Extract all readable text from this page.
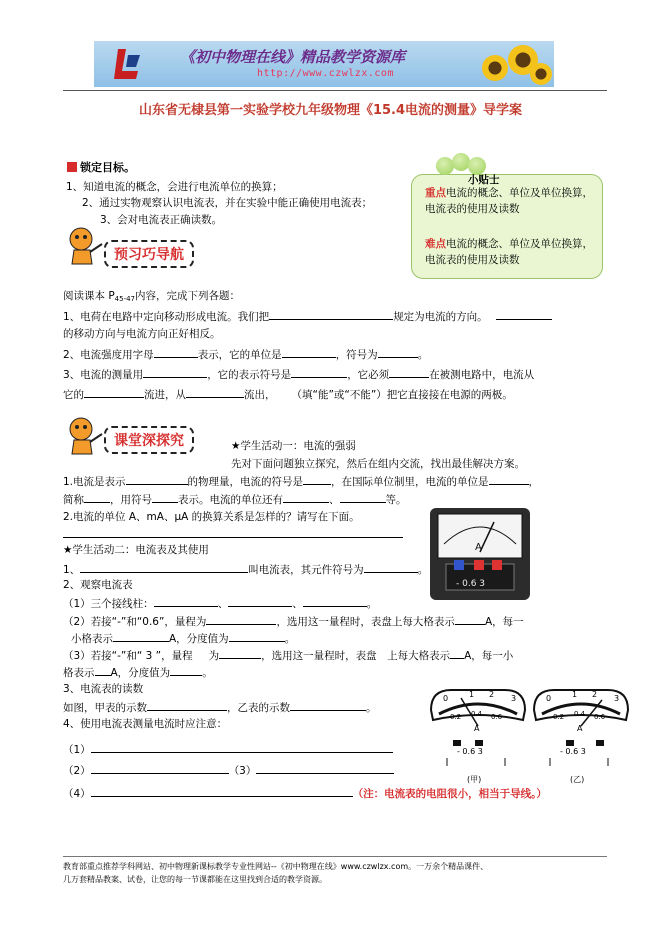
《初中物理在线》精品教学资源库
http://www.czwlzx.com
山东省无棣县第一实验学校九年级物理《15.4电流的测量》导学案
锁定目标。
1、知道电流的概念，会进行电流单位的换算；
2、通过实物观察认识电流表，并在实验中能正确使用电流表；
3、会对电流表正确读数。
小贴士
重点电流的概念、单位及单位换算，电流表的使用及读数
难点电流的概念、单位及单位换算，电流表的使用及读数
预习巧导航
阅读课本 $P_{45-47}$内容，完成下列各题：
1、电荷在电路中定向移动形成电流。我们把	规定为电流的方向。
的移动方向与电流方向正好相反。
2、电流强度用字母	表示，它的单位是	，符号为	。
3、电流的测量用	，它的表示符号是	，它必须	在被测电路中，电流从
它的	流进，从	流出， （填“能”或“不能”）把它直接接在电源的两极。
课堂深探究	★学生活动一：电流的强弱
先对下面问题独立探究，然后在组内交流，找出最佳解决方案。
1.电流是表示	的物理量，电流的符号是	，在国际单位制里，电流的单位是	，
简称 ，用符号 表示。电流的单位还有	、	等。
2.电流的单位 A、mA、μA 的换算关系是怎样的？请写在下面。
★学生活动二：电流表及其使用
1、	叫电流表，其元件符号为	。
2、观察电流表
（1）三个接线柱：	、	、	。
（2）若接“-”和“0.6”，量程为	，选用这一量程时，表盘上每大格表示	A，每一
小格表示	A，分度值为	。
（3）若接“-”和“ 3 ”，量程 为	，选用这一量程时，表盘　上每大格表示 A，每一小
格表示 A，分度值为	。
3、电流表的读数
如图，甲表的示数	，乙表的示数	。
4、使用电流表测量电流时应注意：
（1）
（2）	（3）
（4）	（注：电流表的电阻很小，相当于导线。）
A
- 0.6 3
0	1 2 3
0.2 0.4 0.6
A
- 0.6 3
(甲)
0	1 2 3
0.2 0.4 0.6
A
- 0.6 3
(乙)
教育部重点推荐学科网站、初中物理新课标教学专业性网站--《初中物理在线》www.czwlzx.com。一万余个精品课件、
几万套精品教案、试卷，让您的每一节课都能在这里找到合适的教学资源。
